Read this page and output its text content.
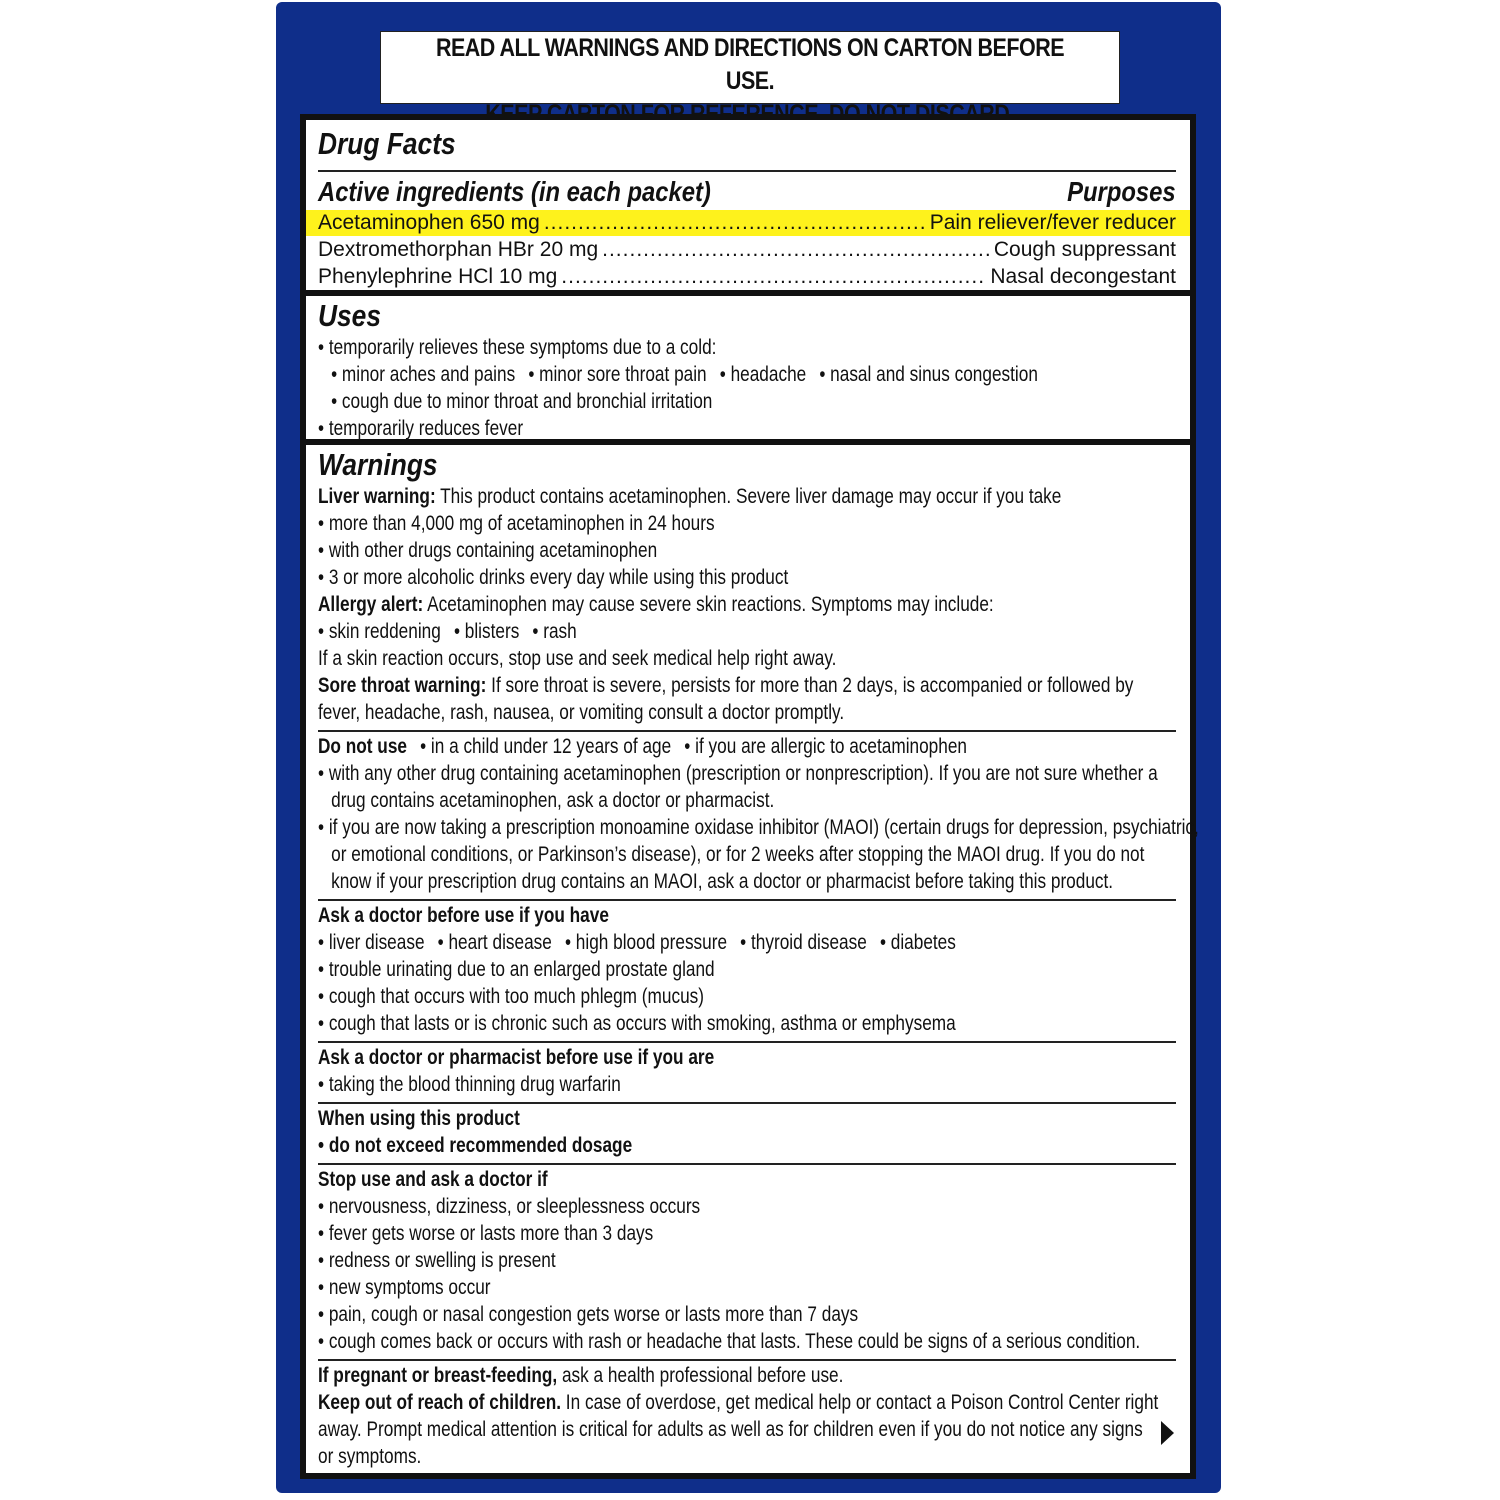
READ ALL WARNINGS AND DIRECTIONS ON CARTON BEFORE USE.
Drug Facts
Active ingredients (in each packet)	Purposes
Acetaminophen 650 mg .....	Pain reliever/fever reducer
Dextromethorphan HBr 20 mg .....	Cough suppressant
Phenylephrine HCl 10 mg .....	Nasal decongestant
Uses
• temporarily relieves these symptoms due to a cold:
• minor aches and pains • minor sore throat pain • headache • nasal and sinus congestion
• cough due to minor throat and bronchial irritation
• temporarily reduces fever
Warnings
Liver warning: This product contains acetaminophen. Severe liver damage may occur if you take
• more than 4,000 mg of acetaminophen in 24 hours
• with other drugs containing acetaminophen
• 3 or more alcoholic drinks every day while using this product
Allergy alert: Acetaminophen may cause severe skin reactions. Symptoms may include:
• skin reddening • blisters • rash
If a skin reaction occurs, stop use and seek medical help right away.
Sore throat warning: If sore throat is severe, persists for more than 2 days, is accompanied or followed by
fever, headache, rash, nausea, or vomiting consult a doctor promptly.
Do not use • in a child under 12 years of age • if you are allergic to acetaminophen
• with any other drug containing acetaminophen (prescription or nonprescription). If you are not sure whether a
drug contains acetaminophen, ask a doctor or pharmacist.
• if you are now taking a prescription monoamine oxidase inhibitor (MAOI) (certain drugs for depression, psychiatric,
or emotional conditions, or Parkinson’s disease), or for 2 weeks after stopping the MAOI drug. If you do not
know if your prescription drug contains an MAOI, ask a doctor or pharmacist before taking this product.
Ask a doctor before use if you have
• liver disease • heart disease • high blood pressure • thyroid disease • diabetes
• trouble urinating due to an enlarged prostate gland
• cough that occurs with too much phlegm (mucus)
• cough that lasts or is chronic such as occurs with smoking, asthma or emphysema
Ask a doctor or pharmacist before use if you are
• taking the blood thinning drug warfarin
When using this product
• do not exceed recommended dosage
Stop use and ask a doctor if
• nervousness, dizziness, or sleeplessness occurs
• fever gets worse or lasts more than 3 days
• redness or swelling is present
• new symptoms occur
• pain, cough or nasal congestion gets worse or lasts more than 7 days
• cough comes back or occurs with rash or headache that lasts. These could be signs of a serious condition.
If pregnant or breast-feeding, ask a health professional before use.
Keep out of reach of children. In case of overdose, get medical help or contact a Poison Control Center right
away. Prompt medical attention is critical for adults as well as for children even if you do not notice any signs
or symptoms.
